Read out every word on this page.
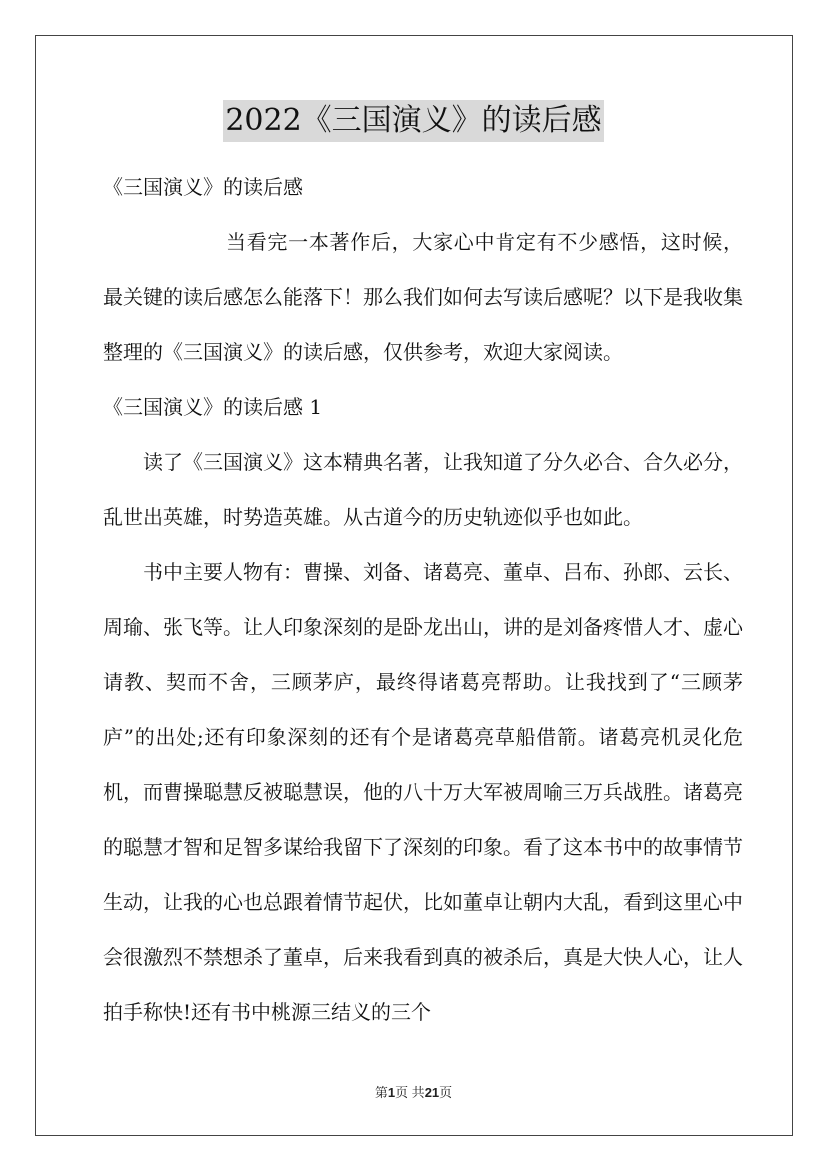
2022《三国演义》的读后感

《三国演义》的读后感

当看完一本著作后，大家心中肯定有不少感悟，这时候，最关键的读后感怎么能落下！那么我们如何去写读后感呢？以下是我收集整理的《三国演义》的读后感，仅供参考，欢迎大家阅读。

《三国演义》的读后感 1

读了《三国演义》这本精典名著，让我知道了分久必合、合久必分，乱世出英雄，时势造英雄。从古道今的历史轨迹似乎也如此。

书中主要人物有：曹操、刘备、诸葛亮、董卓、吕布、孙郎、云长、周瑜、张飞等。让人印象深刻的是卧龙出山，讲的是刘备疼惜人才、虚心请教、契而不舍，三顾茅庐，最终得诸葛亮帮助。让我找到了“三顾茅庐”的出处;还有印象深刻的还有个是诸葛亮草船借箭。诸葛亮机灵化危机，而曹操聪慧反被聪慧误，他的八十万大军被周喻三万兵战胜。诸葛亮的聪慧才智和足智多谋给我留下了深刻的印象。看了这本书中的故事情节生动，让我的心也总跟着情节起伏，比如董卓让朝内大乱，看到这里心中会很激烈不禁想杀了董卓，后来我看到真的被杀后，真是大快人心，让人拍手称快!还有书中桃源三结义的三个

第1页 共21页
